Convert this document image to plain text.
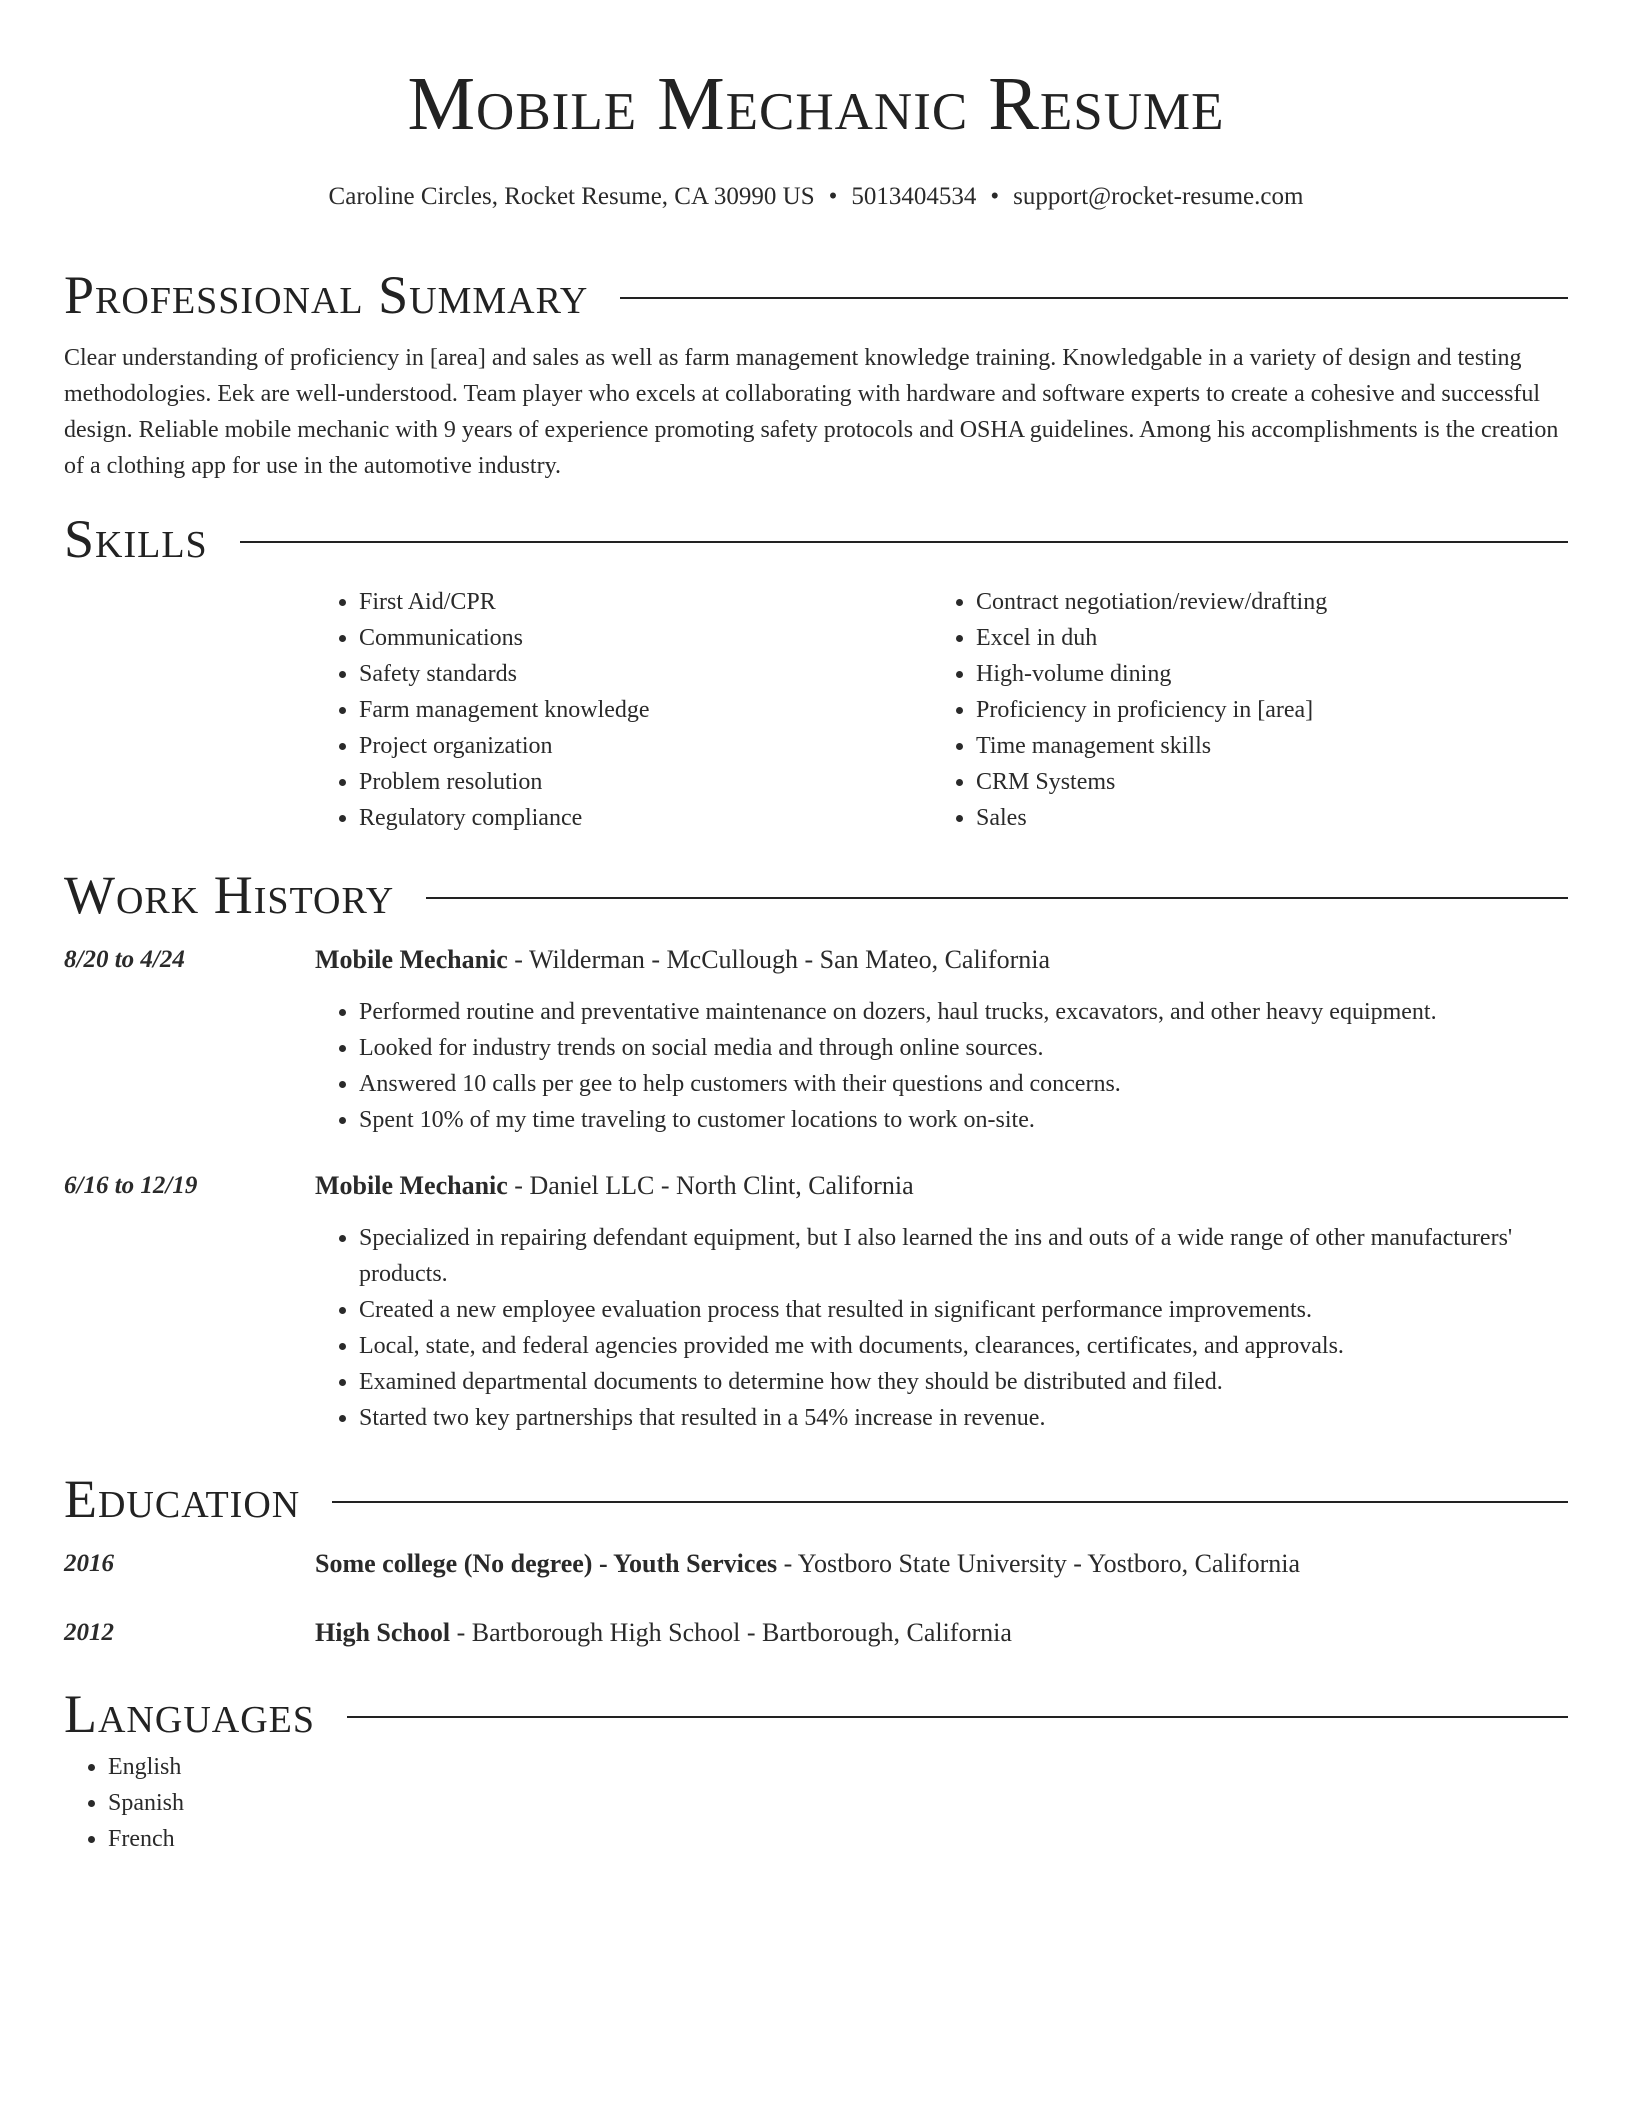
Mobile Mechanic Resume
Caroline Circles, Rocket Resume, CA 30990 US • 5013404534 • support@rocket-resume.com
Professional Summary

Clear understanding of proficiency in [area] and sales as well as farm management knowledge training. Knowledgable in a variety of design and testing methodologies. Eek are well-understood. Team player who excels at collaborating with hardware and software experts to create a cohesive and successful design. Reliable mobile mechanic with 9 years of experience promoting safety protocols and OSHA guidelines. Among his accomplishments is the creation of a clothing app for use in the automotive industry.

Skills
• First Aid/CPR
• Communications
• Safety standards
• Farm management knowledge
• Project organization
• Problem resolution
• Regulatory compliance
• Contract negotiation/review/drafting
• Excel in duh
• High-volume dining
• Proficiency in proficiency in [area]
• Time management skills
• CRM Systems
• Sales
Work History
8/20 to 4/24	Mobile Mechanic - Wilderman - McCullough - San Mateo, California
• Performed routine and preventative maintenance on dozers, haul trucks, excavators, and other heavy equipment.
• Looked for industry trends on social media and through online sources.
• Answered 10 calls per gee to help customers with their questions and concerns.
• Spent 10% of my time traveling to customer locations to work on-site.
6/16 to 12/19	Mobile Mechanic - Daniel LLC - North Clint, California
• Specialized in repairing defendant equipment, but I also learned the ins and outs of a wide range of other manufacturers' products.
• Created a new employee evaluation process that resulted in significant performance improvements.
• Local, state, and federal agencies provided me with documents, clearances, certificates, and approvals.
• Examined departmental documents to determine how they should be distributed and filed.
• Started two key partnerships that resulted in a 54% increase in revenue.
Education
2016	Some college (No degree) - Youth Services - Yostboro State University - Yostboro, California
2012	High School - Bartborough High School - Bartborough, California
Languages
• English
• Spanish
• French
